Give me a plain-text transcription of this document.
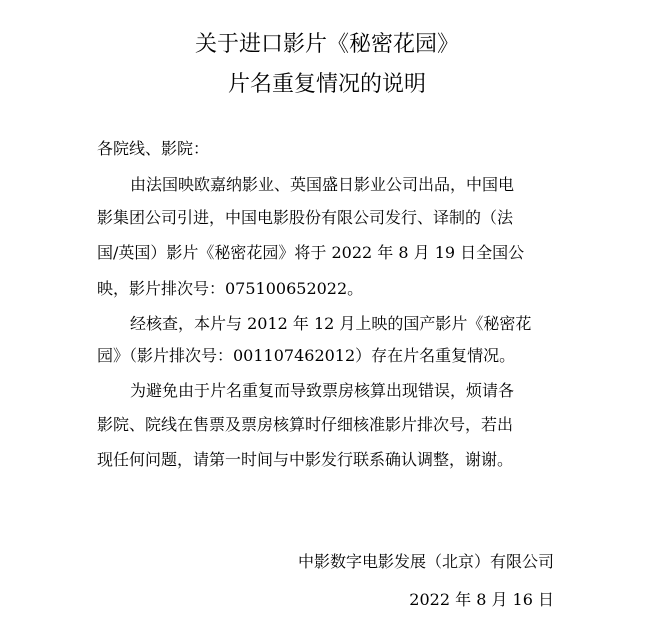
关于进口影片《秘密花园》
片名重复情况的说明
各院线、影院：
由法国映欧嘉纳影业、英国盛日影业公司出品，中国电
影集团公司引进，中国电影股份有限公司发行、译制的（法
国/英国）影片《秘密花园》将于 2022 年 8 月 19 日全国公
映，影片排次号：075100652022。
经核查，本片与 2012 年 12 月上映的国产影片《秘密花
园》（影片排次号：001107462012）存在片名重复情况。
为避免由于片名重复而导致票房核算出现错误，烦请各
影院、院线在售票及票房核算时仔细核准影片排次号，若出
现任何问题，请第一时间与中影发行联系确认调整，谢谢。
中影数字电影发展（北京）有限公司
2022 年 8 月 16 日
